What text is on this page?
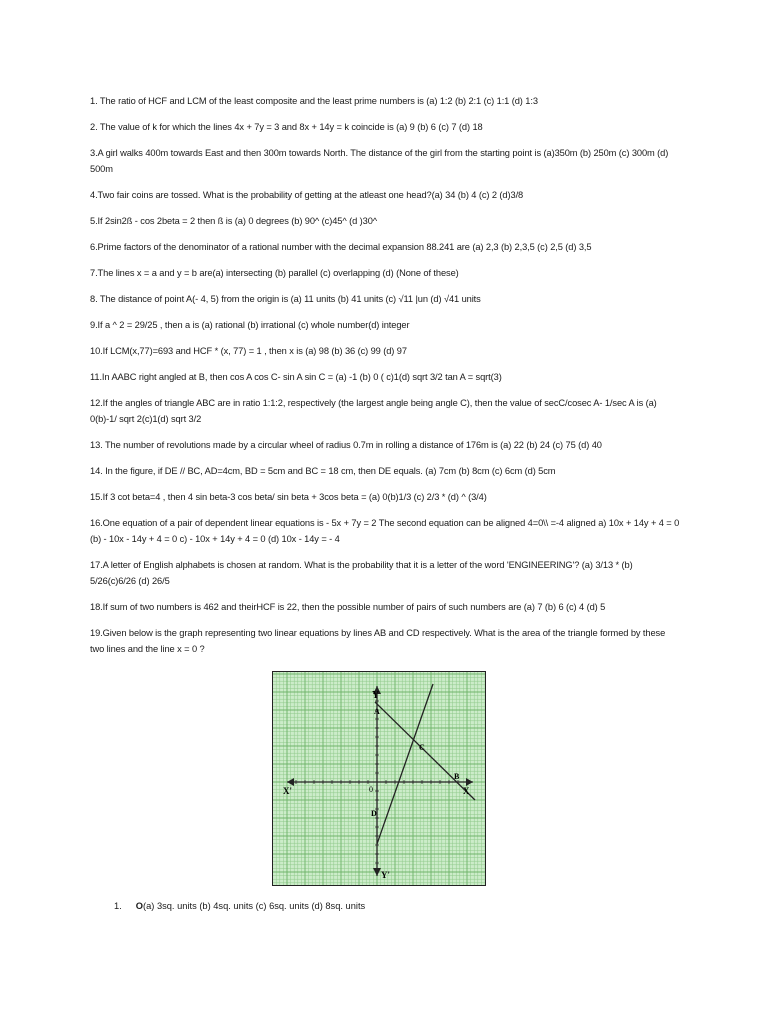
1. The ratio of HCF and LCM of the least composite and the least prime numbers is (a) 1:2 (b) 2:1 (c) 1:1 (d) 1:3

2. The value of k for which the lines 4x + 7y = 3 and 8x + 14y = k coincide is (a) 9 (b) 6 (c) 7 (d) 18

3.A girl walks 400m towards East and then 300m towards North. The distance of the girl from the starting point is (a)350m (b) 250m (c) 300m (d) 500m

4.Two fair coins are tossed. What is the probability of getting at the atleast one head?(a) 34 (b) 4 (c) 2 (d)3/8

5.If 2sin2ß - cos 2beta = 2 then ß is (a) 0 degrees (b) 90^ (c)45^ (d )30^

6.Prime factors of the denominator of a rational number with the decimal expansion 88.241 are (a) 2,3 (b) 2,3,5 (c) 2,5 (d) 3,5

7.The lines x = a and y = b are(a) intersecting (b) parallel (c) overlapping (d) (None of these)

8. The distance of point A(- 4, 5) from the origin is (a) 11 units (b) 41 units (c) √11 |un (d) √41 units

9.If a ^ 2 = 29/25 , then a is (a) rational (b) irrational (c) whole number(d) integer

10.If LCM(x,77)=693 and HCF * (x, 77) = 1 , then x is (a) 98 (b) 36 (c) 99 (d) 97

11.In AABC right angled at B, then cos A cos C- sin A sin C = (a) -1 (b) 0 ( c)1(d) sqrt 3/2 tan A = sqrt(3)

12.If the angles of triangle ABC are in ratio 1:1:2, respectively (the largest angle being angle C), then the value of secC/cosec A- 1/sec A is (a) 0(b)-1/ sqrt 2(c)1(d) sqrt 3/2

13. The number of revolutions made by a circular wheel of radius 0.7m in rolling a distance of 176m is (a) 22 (b) 24 (c) 75 (d) 40

14. In the figure, if DE // BC, AD=4cm, BD = 5cm and BC = 18 cm, then DE equals. (a) 7cm (b) 8cm (c) 6cm (d) 5cm

15.If 3 cot beta=4 , then 4 sin beta-3 cos beta/ sin beta + 3cos beta = (a) 0(b)1/3 (c) 2/3 * (d) ^ (3/4)

16.One equation of a pair of dependent linear equations is - 5x + 7y = 2 The second equation can be aligned 4=0\\ =-4 aligned a) 10x + 14y + 4 = 0 (b) - 10x - 14y + 4 = 0 c) - 10x + 14y + 4 = 0 (d) 10x - 14y = - 4

17.A letter of English alphabets is chosen at random. What is the probability that it is a letter of the word 'ENGINEERING'? (a) 3/13 * (b) 5/26(c)6/26 (d) 26/5

18.If sum of two numbers is 462 and theirHCF is 22, then the possible number of pairs of such numbers are (a) 7 (b) 6 (c) 4 (d) 5

19.Given below is the graph representing two linear equations by lines AB and CD respectively. What is the area of the triangle formed by these two lines and the line x = 0 ?

Y
A
C
B
D
0	X
X'
Y'
1. O(a) 3sq. units (b) 4sq. units (c) 6sq. units (d) 8sq. units
